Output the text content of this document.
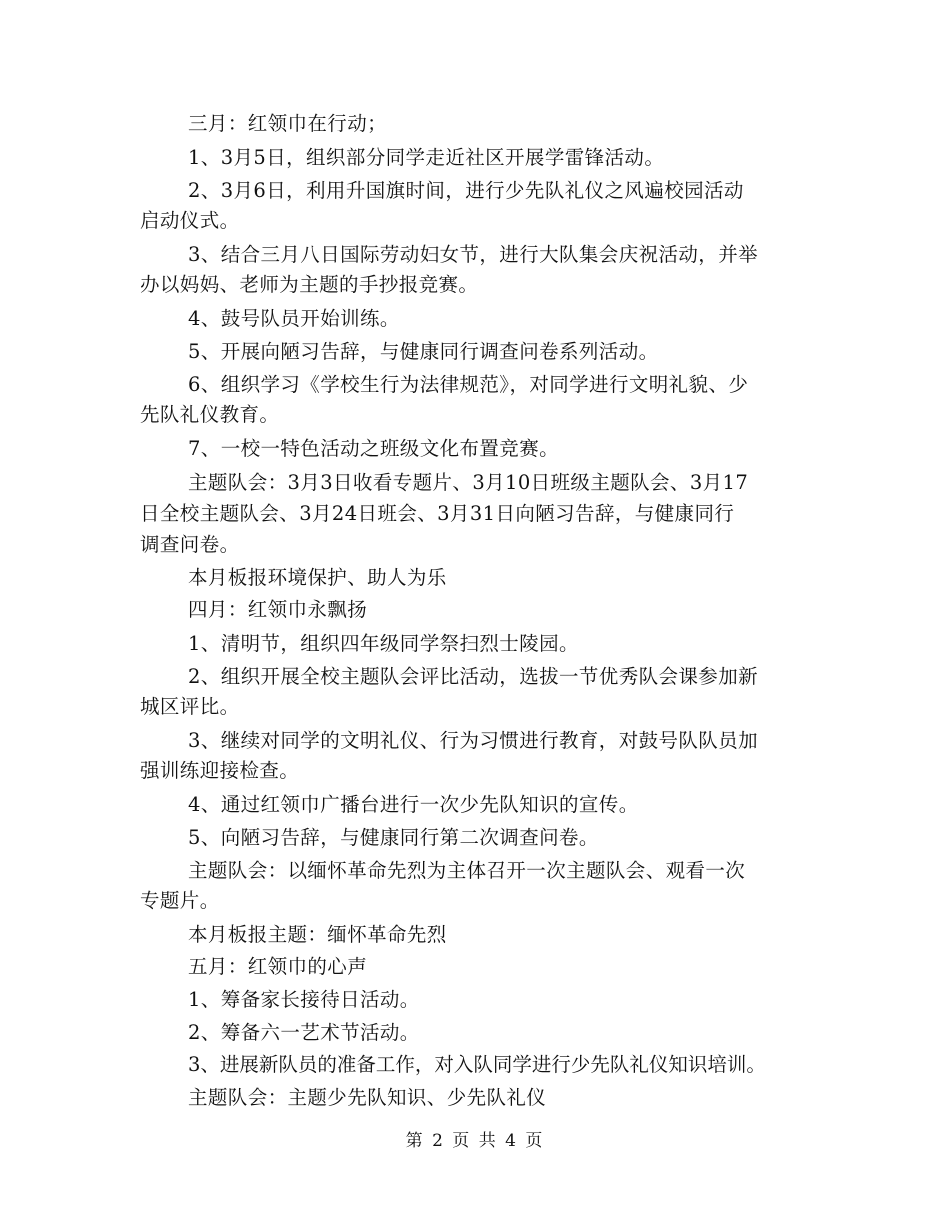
三月：红领巾在行动；
1、3月5日，组织部分同学走近社区开展学雷锋活动。
2、3月6日，利用升国旗时间，进行少先队礼仪之风遍校园活动
启动仪式。
3、结合三月八日国际劳动妇女节，进行大队集会庆祝活动，并举
办以妈妈、老师为主题的手抄报竞赛。
4、鼓号队员开始训练。
5、开展向陋习告辞，与健康同行调查问卷系列活动。
6、组织学习《学校生行为法律规范》，对同学进行文明礼貌、少
先队礼仪教育。
7、一校一特色活动之班级文化布置竞赛。
主题队会：3月3日收看专题片、3月10日班级主题队会、3月17
日全校主题队会、3月24日班会、3月31日向陋习告辞，与健康同行
调查问卷。
本月板报环境保护、助人为乐
四月：红领巾永飘扬
1、清明节，组织四年级同学祭扫烈士陵园。
2、组织开展全校主题队会评比活动，选拔一节优秀队会课参加新
城区评比。
3、继续对同学的文明礼仪、行为习惯进行教育，对鼓号队队员加
强训练迎接检查。
4、通过红领巾广播台进行一次少先队知识的宣传。
5、向陋习告辞，与健康同行第二次调查问卷。
主题队会：以缅怀革命先烈为主体召开一次主题队会、观看一次
专题片。
本月板报主题：缅怀革命先烈
五月：红领巾的心声
1、筹备家长接待日活动。
2、筹备六一艺术节活动。
3、进展新队员的准备工作，对入队同学进行少先队礼仪知识培训。
主题队会：主题少先队知识、少先队礼仪
第 2 页 共 4 页
